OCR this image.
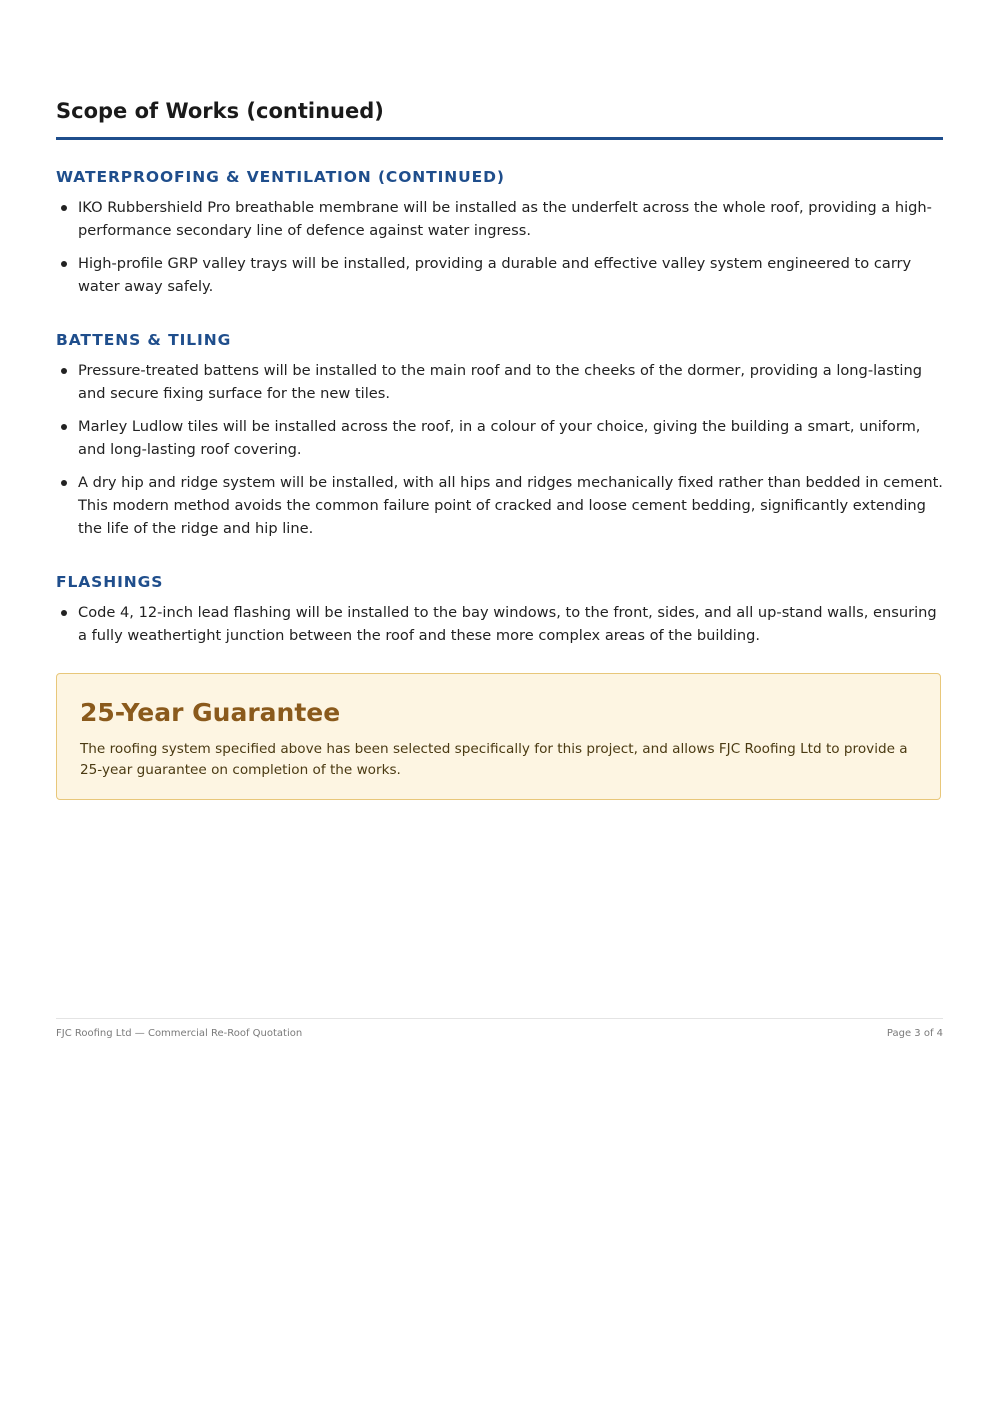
Scope of Works (continued)
WATERPROOFING & VENTILATION (CONTINUED)
IKO Rubbershield Pro breathable membrane will be installed as the underfelt across the whole roof, providing a high-performance secondary line of defence against water ingress.
High-profile GRP valley trays will be installed, providing a durable and effective valley system engineered to carry water away safely.
BATTENS & TILING
Pressure-treated battens will be installed to the main roof and to the cheeks of the dormer, providing a long-lasting and secure fixing surface for the new tiles.
Marley Ludlow tiles will be installed across the roof, in a colour of your choice, giving the building a smart, uniform, and long-lasting roof covering.
A dry hip and ridge system will be installed, with all hips and ridges mechanically fixed rather than bedded in cement. This modern method avoids the common failure point of cracked and loose cement bedding, significantly extending the life of the ridge and hip line.
FLASHINGS
Code 4, 12-inch lead flashing will be installed to the bay windows, to the front, sides, and all up-stand walls, ensuring a fully weathertight junction between the roof and these more complex areas of the building.
25-Year Guarantee

The roofing system specified above has been selected specifically for this project, and allows FJC Roofing Ltd to provide a 25-year guarantee on completion of the works.

FJC Roofing Ltd — Commercial Re-Roof Quotation	Page 3 of 4
